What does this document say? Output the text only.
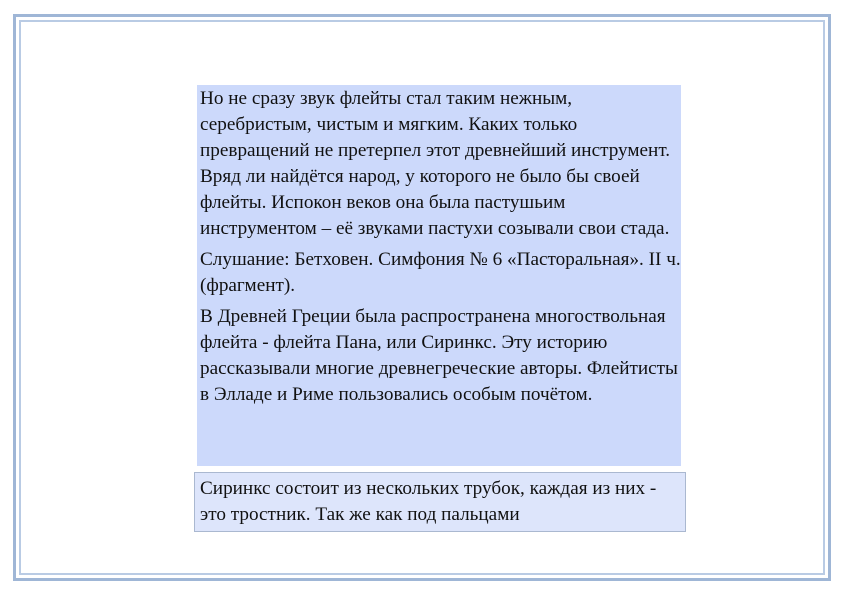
Но не сразу звук флейты стал таким нежным, серебристым, чистым и мягким. Каких только превращений не претерпел этот древнейший инструмент. Вряд ли найдётся народ, у которого не было бы своей флейты. Испокон веков она была пастушьим инструментом – её звуками пастухи созывали свои стада.

Слушание: Бетховен. Симфония № 6 «Пасторальная». II ч. (фрагмент).

В Древней Греции была распространена многоствольная флейта - флейта Пана, или Сиринкс. Эту историю рассказывали многие древнегреческие авторы. Флейтисты в Элладе и Риме пользовались особым почётом.

Сиринкс состоит из нескольких трубок, каждая из них - это тростник. Так же как под пальцами
